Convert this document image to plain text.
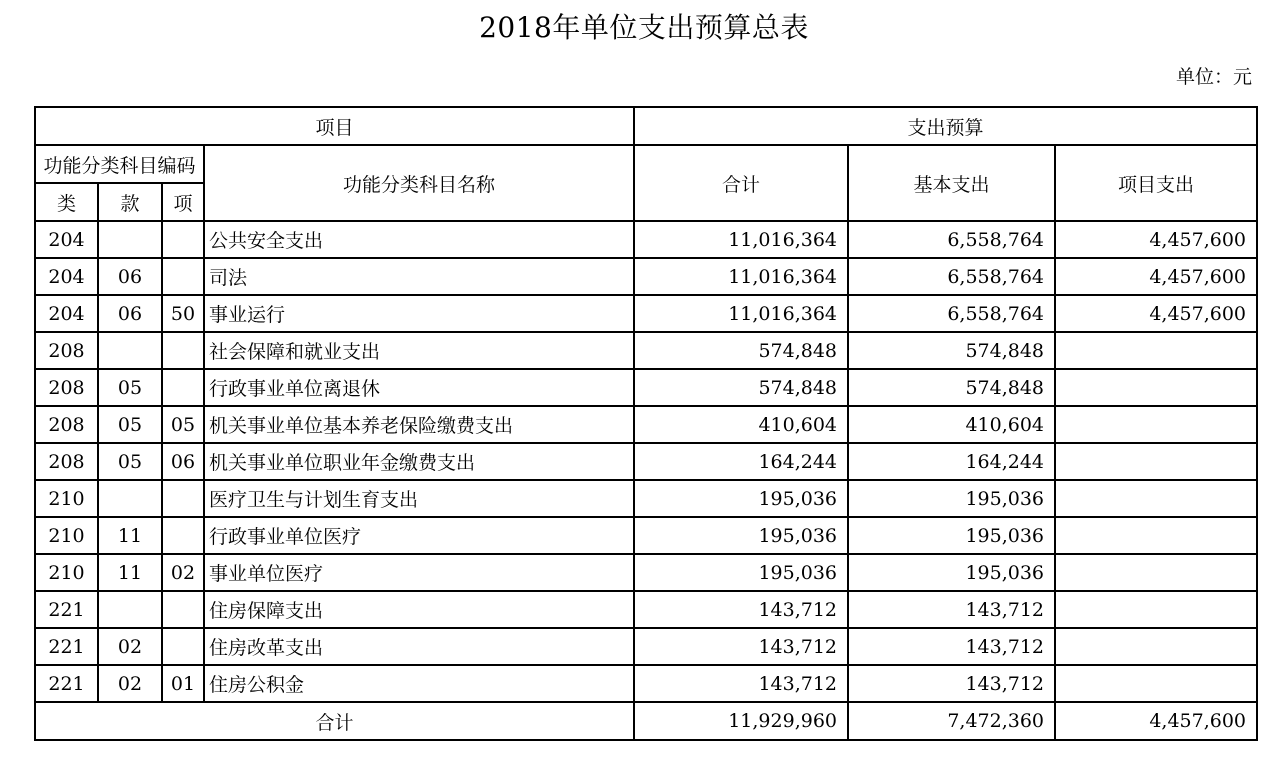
2018年单位支出预算总表
单位：元
项目				支出预算		
功能分类科目编码			功能分类科目名称	合计	基本支出	项目支出
类	款	项				
204			公共安全支出	11,016,364	6,558,764	4,457,600
204	06		司法	11,016,364	6,558,764	4,457,600
204	06	50	事业运行	11,016,364	6,558,764	4,457,600
208			社会保障和就业支出	574,848	574,848	
208	05		行政事业单位离退休	574,848	574,848	
208	05	05	机关事业单位基本养老保险缴费支出	410,604	410,604	
208	05	06	机关事业单位职业年金缴费支出	164,244	164,244	
210			医疗卫生与计划生育支出	195,036	195,036	
210	11		行政事业单位医疗	195,036	195,036	
210	11	02	事业单位医疗	195,036	195,036	
221			住房保障支出	143,712	143,712	
221	02		住房改革支出	143,712	143,712	
221	02	01	住房公积金	143,712	143,712	
合计				11,929,960	7,472,360	4,457,600
